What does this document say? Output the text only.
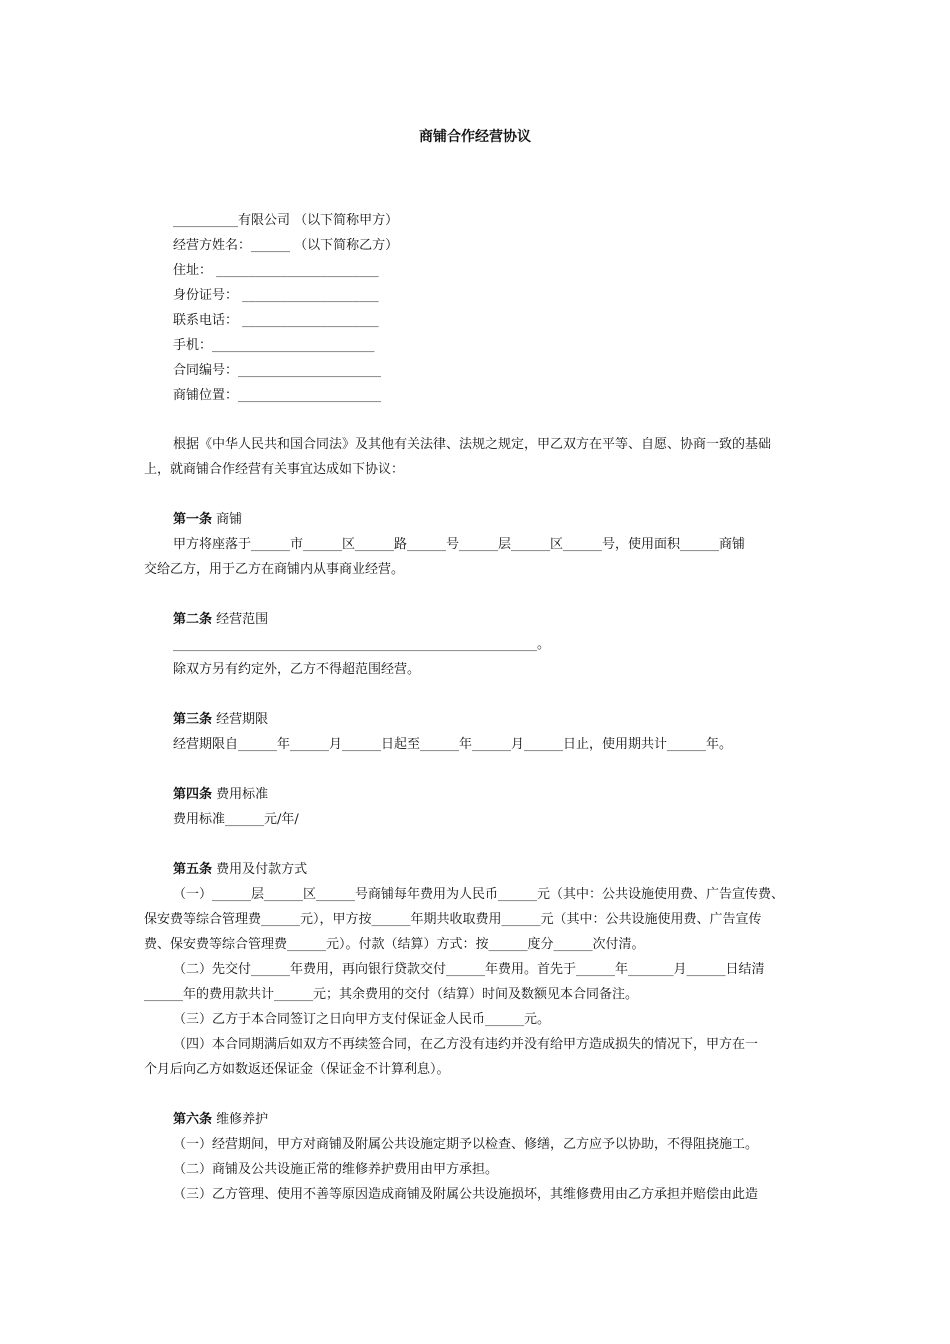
商铺合作经营协议
__________有限公司 （以下简称甲方）
经营方姓名：______ （以下简称乙方）
住址： _________________________
身份证号： _____________________
联系电话： _____________________
手机：_________________________
合同编号：______________________
商铺位置：______________________
根据《中华人民共和国合同法》及其他有关法律、法规之规定，甲乙双方在平等、自愿、协商一致的基础
上，就商铺合作经营有关事宜达成如下协议：
第一条 商铺
甲方将座落于______市______区______路______号______层______区______号，使用面积______商铺
交给乙方，用于乙方在商铺内从事商业经营。
第二条 经营范围
________________________________________________________。
除双方另有约定外，乙方不得超范围经营。
第三条 经营期限
经营期限自______年______月______日起至______年______月______日止，使用期共计______年。
第四条 费用标准
费用标准______元/年/
第五条 费用及付款方式
（一）______层______区______号商铺每年费用为人民币______元（其中：公共设施使用费、广告宣传费、
保安费等综合管理费______元），甲方按______年期共收取费用______元（其中：公共设施使用费、广告宣传
费、保安费等综合管理费______元）。付款（结算）方式：按______度分______次付清。
（二）先交付______年费用，再向银行贷款交付______年费用。首先于______年_______月______日结清
______年的费用款共计______元；其余费用的交付（结算）时间及数额见本合同备注。
（三）乙方于本合同签订之日向甲方支付保证金人民币______元。
（四）本合同期满后如双方不再续签合同，在乙方没有违约并没有给甲方造成损失的情况下，甲方在一
个月后向乙方如数返还保证金（保证金不计算利息）。
第六条 维修养护
（一）经营期间，甲方对商铺及附属公共设施定期予以检查、修缮，乙方应予以协助，不得阻挠施工。
（二）商铺及公共设施正常的维修养护费用由甲方承担。
（三）乙方管理、使用不善等原因造成商铺及附属公共设施损坏，其维修费用由乙方承担并赔偿由此造
